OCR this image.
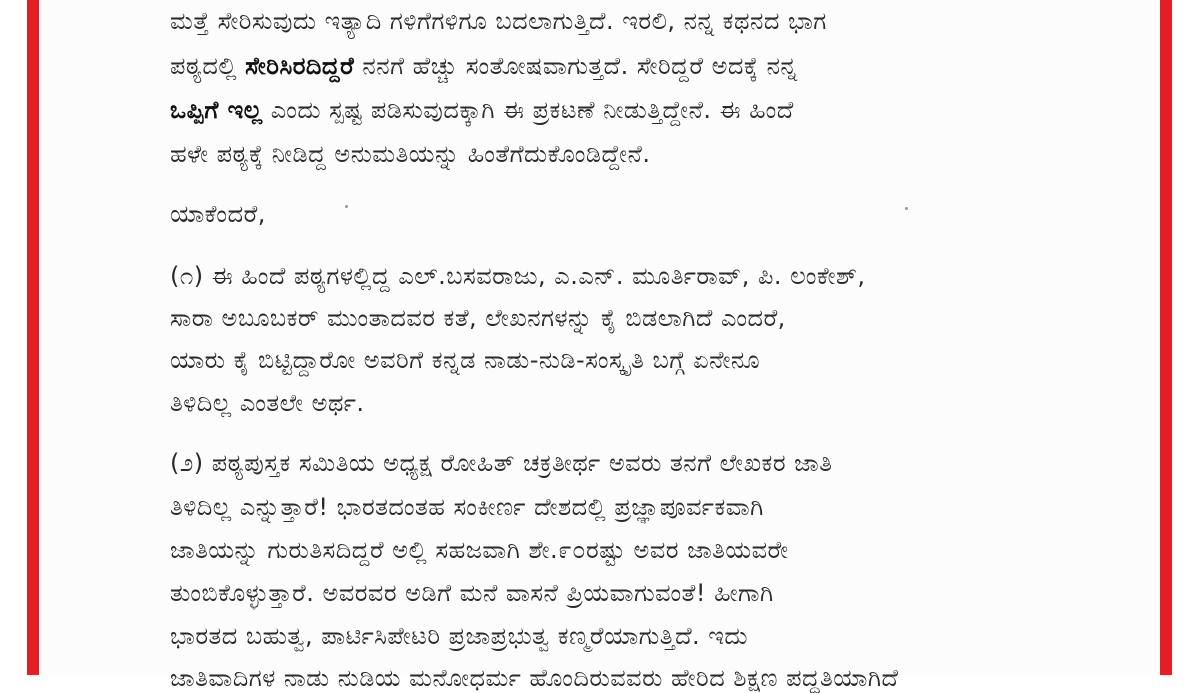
ಮತ್ತೆ ಸೇರಿಸುವುದು ಇತ್ಯಾದಿ ಗಳಿಗೆಗಳಿಗೂ ಬದಲಾಗುತ್ತಿದೆ. ಇರಲಿ, ನನ್ನ ಕಥನದ ಭಾಗ
ಪಠ್ಯದಲ್ಲಿ ಸೇರಿಸಿರದಿದ್ದರೆ ನನಗೆ ಹೆಚ್ಚು ಸಂತೋಷವಾಗುತ್ತದೆ. ಸೇರಿದ್ದರೆ ಅದಕ್ಕೆ ನನ್ನ
ಒಪ್ಪಿಗೆ ಇಲ್ಲ ಎಂದು ಸ್ಪಷ್ಟ ಪಡಿಸುವುದಕ್ಕಾಗಿ ಈ ಪ್ರಕಟಣೆ ನೀಡುತ್ತಿದ್ದೇನೆ. ಈ ಹಿಂದೆ
ಹಳೇ ಪಠ್ಯಕ್ಕೆ ನೀಡಿದ್ದ ಅನುಮತಿಯನ್ನು ಹಿಂತೆಗೆದುಕೊಂಡಿದ್ದೇನೆ.
ಯಾಕೆಂದರೆ,
(೧) ಈ ಹಿಂದೆ ಪಠ್ಯಗಳಲ್ಲಿದ್ದ ಎಲ್.ಬಸವರಾಜು, ಎ.ಎನ್. ಮೂರ್ತಿರಾವ್, ಪಿ. ಲಂಕೇಶ್,
ಸಾರಾ ಅಬೂಬಕರ್ ಮುಂತಾದವರ ಕತೆ, ಲೇಖನಗಳನ್ನು ಕೈ ಬಿಡಲಾಗಿದೆ ಎಂದರೆ,
ಯಾರು ಕೈ ಬಿಟ್ಟಿದ್ದಾರೋ ಅವರಿಗೆ ಕನ್ನಡ ನಾಡು-ನುಡಿ-ಸಂಸ್ಕೃತಿ ಬಗ್ಗೆ ಏನೇನೂ
ತಿಳಿದಿಲ್ಲ ಎಂತಲೇ ಅರ್ಥ.
(೨) ಪಠ್ಯಪುಸ್ತಕ ಸಮಿತಿಯ ಅಧ್ಯಕ್ಷ ರೋಹಿತ್ ಚಕ್ರತೀರ್ಥ ಅವರು ತನಗೆ ಲೇಖಕರ ಜಾತಿ
ತಿಳಿದಿಲ್ಲ ಎನ್ನುತ್ತಾರೆ! ಭಾರತದಂತಹ ಸಂಕೀರ್ಣ ದೇಶದಲ್ಲಿ ಪ್ರಜ್ಞಾಪೂರ್ವಕವಾಗಿ
ಜಾತಿಯನ್ನು ಗುರುತಿಸದಿದ್ದರೆ ಅಲ್ಲಿ ಸಹಜವಾಗಿ ಶೇ.೯೦ರಷ್ಟು ಅವರ ಜಾತಿಯವರೇ
ತುಂಬಿಕೊಳ್ಳುತ್ತಾರೆ. ಅವರವರ ಅಡಿಗೆ ಮನೆ ವಾಸನೆ ಪ್ರಿಯವಾಗುವಂತೆ! ಹೀಗಾಗಿ
ಭಾರತದ ಬಹುತ್ವ, ಪಾರ್ಟಿಸಿಪೇಟರಿ ಪ್ರಜಾಪ್ರಭುತ್ವ ಕಣ್ಮರೆಯಾಗುತ್ತಿದೆ. ಇದು
ಜಾತಿವಾದಿಗಳ ನಾಡು ನುಡಿಯ ಮನೋಧರ್ಮ ಹೊಂದಿರುವವರು ಹೇರಿದ ಶಿಕ್ಷಣ ಪದ್ಧತಿಯಾಗಿದೆ
